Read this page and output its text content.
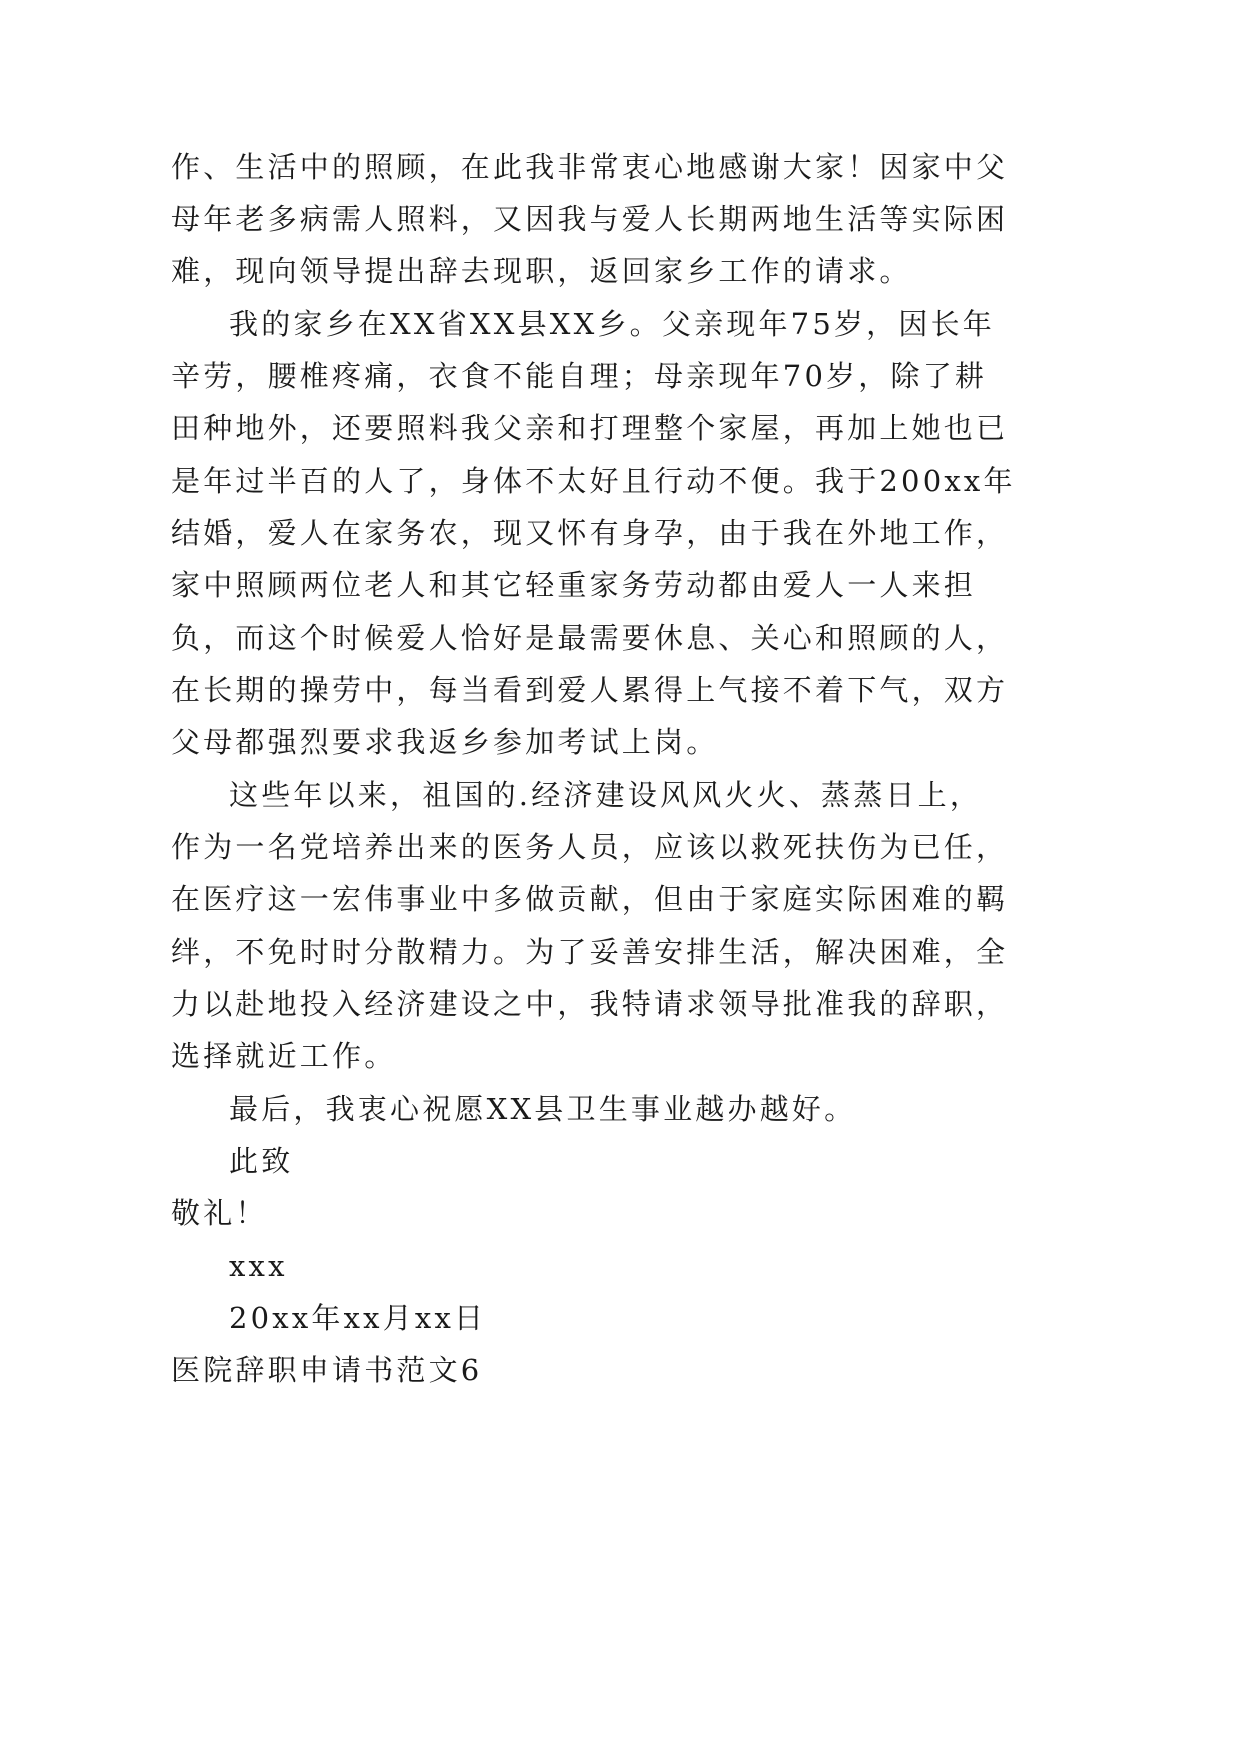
作、生活中的照顾，在此我非常衷心地感谢大家！因家中父
母年老多病需人照料，又因我与爱人长期两地生活等实际困
难，现向领导提出辞去现职，返回家乡工作的请求。
我的家乡在XX省XX县XX乡。父亲现年75岁，因长年
辛劳，腰椎疼痛，衣食不能自理；母亲现年70岁，除了耕
田种地外，还要照料我父亲和打理整个家屋，再加上她也已
是年过半百的人了，身体不太好且行动不便。我于200xx年
结婚，爱人在家务农，现又怀有身孕，由于我在外地工作，
家中照顾两位老人和其它轻重家务劳动都由爱人一人来担
负，而这个时候爱人恰好是最需要休息、关心和照顾的人，
在长期的操劳中，每当看到爱人累得上气接不着下气，双方
父母都强烈要求我返乡参加考试上岗。
这些年以来，祖国的.经济建设风风火火、蒸蒸日上，
作为一名党培养出来的医务人员，应该以救死扶伤为已任，
在医疗这一宏伟事业中多做贡献，但由于家庭实际困难的羁
绊，不免时时分散精力。为了妥善安排生活，解决困难，全
力以赴地投入经济建设之中，我特请求领导批准我的辞职，
选择就近工作。
最后，我衷心祝愿XX县卫生事业越办越好。
此致
敬礼！
xxx
20xx年xx月xx日
医院辞职申请书范文6
